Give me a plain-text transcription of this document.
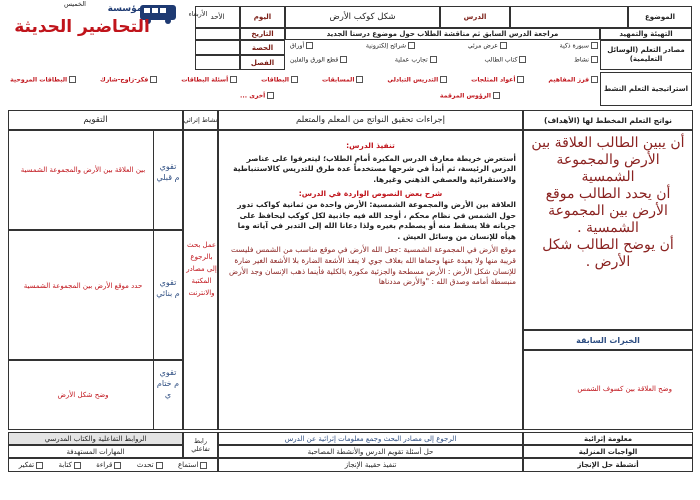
مؤسسة
التحاضير الحديثة	الموضوع
الدرس
شكل كوكب الأرض
اليوم
الأحد
الأربعاء
الخميس
التهيئة والتمهيد
مراجعة الدرس السابق ثم مناقشة الطلاب حول موضوع درسنا الجديد
التاريخ
مصادر التعلم (الوسائل التعليمية)
سبورة ذكية
عرض مرئي
شرائح إلكترونية
أوراق
نشاط
كتاب الطالب
تجارب عملية
قطع الورق والفلين
الحصة
الفصل
استراتيجية التعلم النشط
فرز المفاهيم
أعواد المثلجات
التدريس التبادلي
المسابقات
البطاقات
أسئلة البطاقات
فكر-زاوج-شارك
البطاقات المروحية
الرؤوس المرقمة
أخرى ...
نواتج التعلم المخطط لها (الأهداف)
إجراءات تحقيق النواتج من المعلم والمتعلم
نشاط إثرائي
التقويم
أن يبين الطالب العلاقة بين الأرض والمجموعة الشمسية
أن يحدد الطالب موقع الأرض بين المجموعة الشمسية .
أن يوضح الطالب شكل الأرض .
الخبرات السابقة
وضح العلاقة بين كسوف الشمس

تنفيذ الدرس:

أستعرض خريطة معارف الدرس المكبرة أمام الطلاب؛ ليتعرفوا على عناصر الدرس الرئيسة، ثم أبدأ في شرحها مستخدماً عدة طرق للتدريس كالاستنباطية والاستقرائية والعصفي الذهني وغيرها.

شرح بعض النصوص الواردة في الدرس:

العلاقة بين الأرض والمجموعة الشمسية: الأرض واحدة من ثمانية كواكب تدور حول الشمس في نظام محكم ، أوجد الله فيه جاذبية لكل كوكب ليحافظ على جريانه فلا يسقط منه أو يصطدم بغيره ولذا دعانا الله إلى التدبر في آياته وما هيأه للإنسان من وسائل العيش .

موقع الأرض في المجموعة الشمسية :جعل الله الأرض في موقع مناسب من الشمس فليست قريبة منها ولا بعيدة عنها وحماها الله بغلاف جوي لا ينفذ الأشعة الضارة بلا الأشعة الغير ضارة للإنسان شكل الأرض : الأرض مسطحة والجزئية مكورة بالكلية فأينما ذهب الإنسان وجد الأرض منبسطة أمامه وصدق الله : "والأرض مددناها

عمل بحث بالرجوع إلى مصادر المكتبة والانترنت
تقوي م قبلي
بين العلاقة بين الأرض والمجموعة الشمسية
تقوي م بنائي
حدد موقع الأرض بين المجموعة الشمسية
تقوي م ختام ي
وضح شكل الأرض
معلومة إثرائية
الرجوع إلى مصادر البحث وجمع معلومات إثرائية عن الدرس
رابط تفاعلي
الروابط التفاعلية والكتاب المدرسي
الواجبات المنزلية
حل أسئلة تقويم الدرس والأنشطة المصاحبة
المهارات المستهدفة
أنشطة حل الإنجاز
تنفيذ حقيبة الإنجاز
استماع
تحدث
قراءة
كتابة
تفكير
